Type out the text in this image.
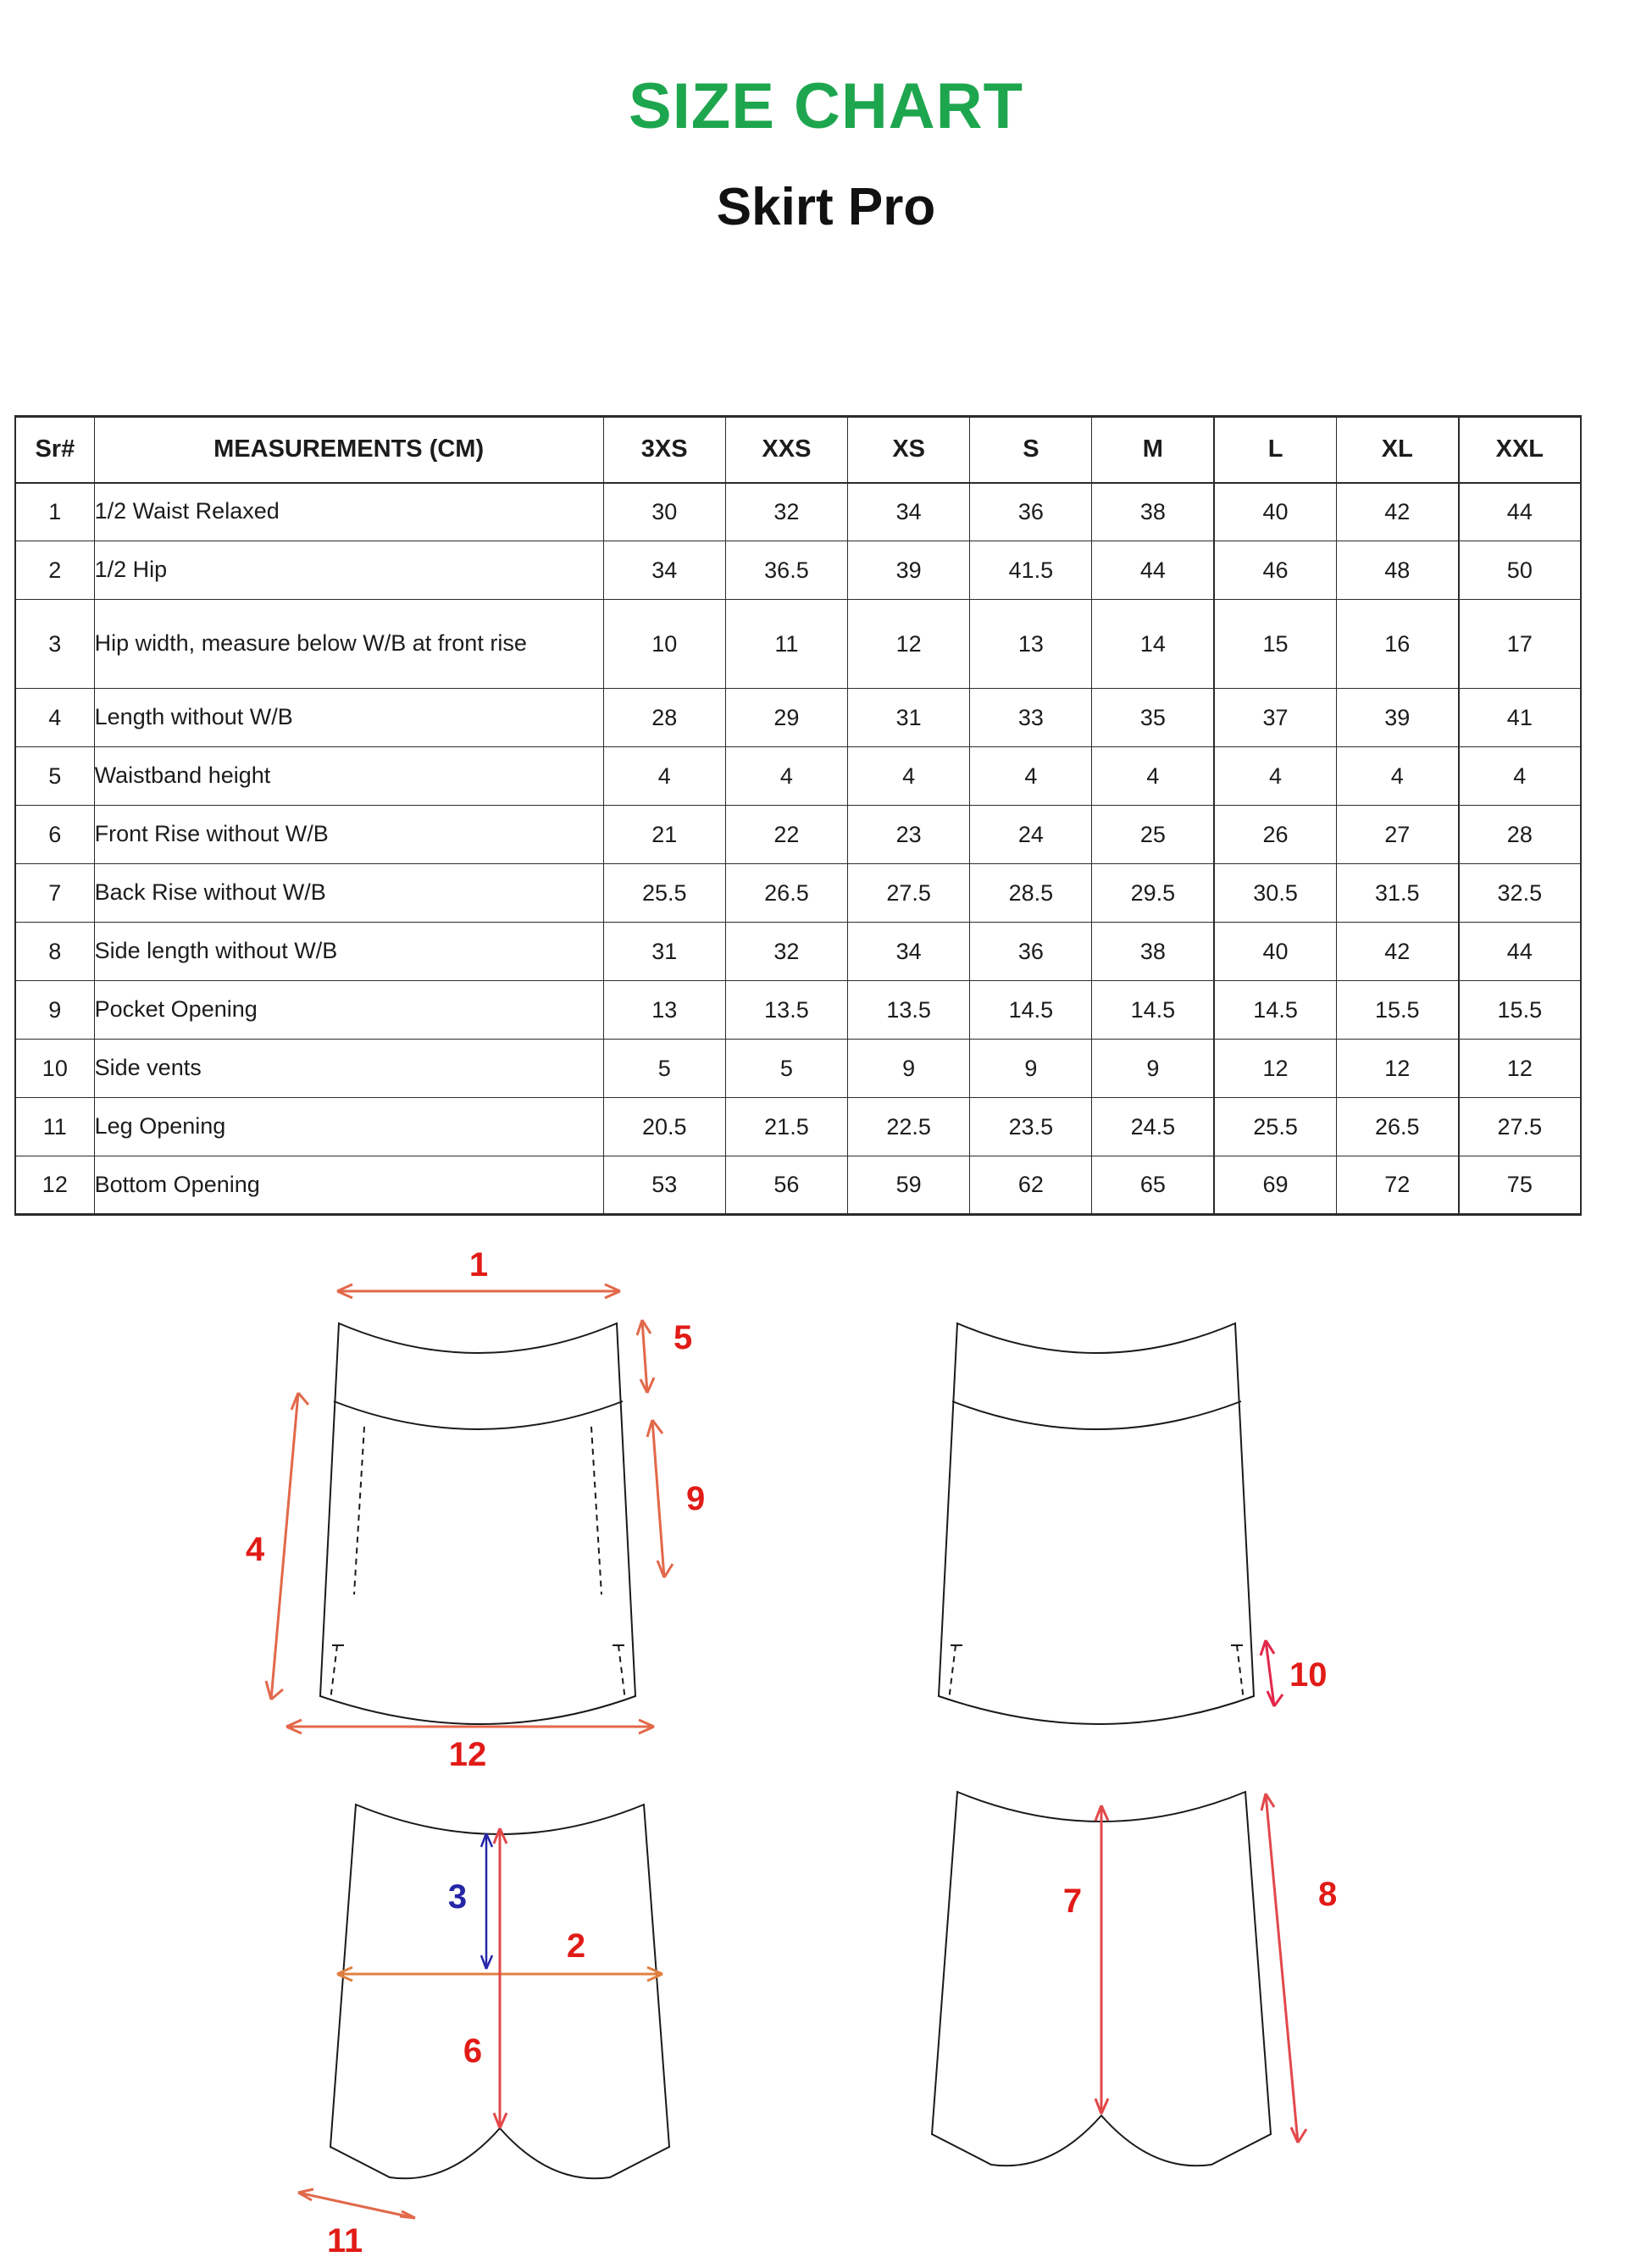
SIZE CHART
Skirt Pro
Sr#	MEASUREMENTS (CM)	3XS	XXS	XS	S	M	L	XL	XXL
1	1/2 Waist Relaxed	30	32	34	36	38	40	42	44
2	1/2 Hip	34	36.5	39	41.5	44	46	48	50
3	Hip width, measure below W/B at front rise	10	11	12	13	14	15	16	17
4	Length without W/B	28	29	31	33	35	37	39	41
5	Waistband height	4	4	4	4	4	4	4	4
6	Front Rise without W/B	21	22	23	24	25	26	27	28
7	Back Rise without W/B	25.5	26.5	27.5	28.5	29.5	30.5	31.5	32.5
8	Side length without W/B	31	32	34	36	38	40	42	44
9	Pocket Opening	13	13.5	13.5	14.5	14.5	14.5	15.5	15.5
10	Side vents	5	5	9	9	9	12	12	12
11	Leg Opening	20.5	21.5	22.5	23.5	24.5	25.5	26.5	27.5
12	Bottom Opening	53	56	59	62	65	69	72	75
1
5
4
9
12
10
3
2
6
11
7	8
